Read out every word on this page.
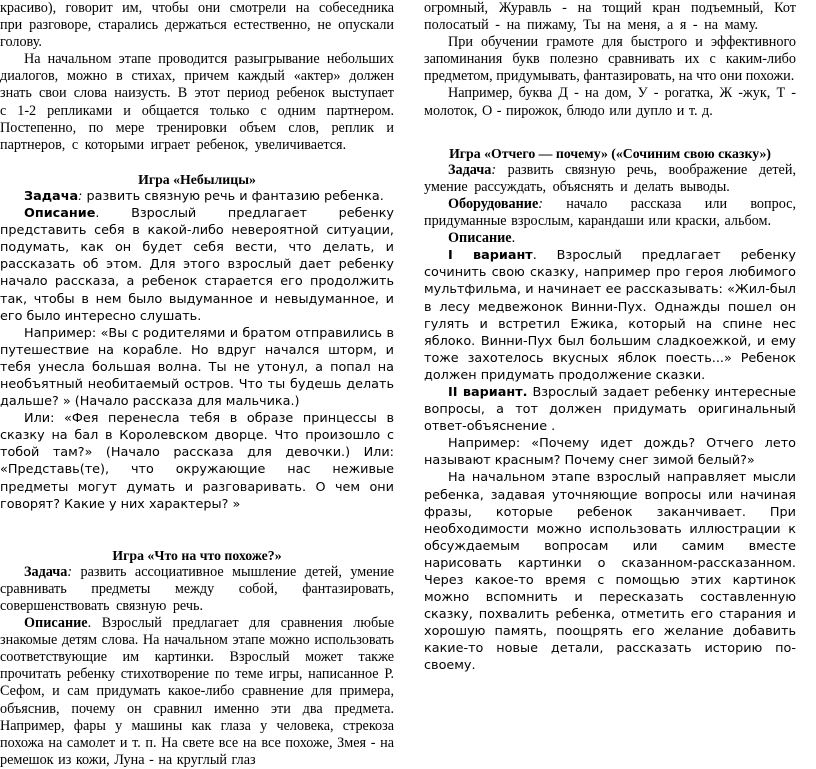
красиво), говорит им, чтобы они смотрели на собеседника при разговоре, старались держаться естественно, не опускали голову.

На начальном этапе проводится разыгрывание небольших диалогов, можно в стихах, причем каждый «актер» должен знать свои слова наизусть. В этот период ребенок выступает с 1-2 репликами и общается только с одним партнером. Постепенно, по мере тренировки объем слов, реплик и партнеров, с которыми играет ребенок, увеличивается.

Игра «Небылицы»

Задача: развить связную речь и фантазию ребенка.

Описание. Взрослый предлагает ребенку представить себя в какой-либо невероятной ситуации, подумать, как он будет себя вести, что делать, и рассказать об этом. Для этого взрослый дает ребенку начало рассказа, а ребенок старается его продолжить так, чтобы в нем было выдуманное и невыдуманное, и его было интересно слушать.

Например: «Вы с родителями и братом отправились в путешествие на корабле. Но вдруг начался шторм, и тебя унесла большая волна. Ты не утонул, а попал на необъятный необитаемый остров. Что ты будешь делать дальше? » (Начало рассказа для мальчика.)

Или: «Фея перенесла тебя в образе принцессы в сказку на бал в Королевском дворце. Что произошло с тобой там?» (Начало рассказа для девочки.) Или: «Представь(те), что окружающие нас неживые предметы могут думать и разговаривать. О чем они говорят? Какие у них характеры? »

Игра «Что на что похоже?»

Задача: развить ассоциативное мышление детей, умение сравнивать предметы между собой, фантазировать, совершенствовать связную речь.

Описание. Взрослый предлагает для сравнения любые знакомые детям слова. На начальном этапе можно использовать соответствующие им картинки. Взрослый может также прочитать ребенку стихотворение по теме игры, написанное Р. Сефом, и сам придумать какое-либо сравнение для примера, объяснив, почему он сравнил именно эти два предмета. Например, фары у машины как глаза у человека, стрекоза похожа на самолет и т. п. На свете все на все похоже, Змея - на ремешок из кожи, Луна - на круглый глаз

огромный, Журавль - на тощий кран подъемный, Кот полосатый - на пижаму, Ты на меня, а я - на маму.

При обучении грамоте для быстрого и эффективного запоминания букв полезно сравнивать их с каким-либо предметом, придумывать, фантазировать, на что они похожи.

Например, буква Д - на дом, У - рогатка, Ж -жук, Т - молоток, О - пирожок, блюдо или дупло и т. д.

Игра «Отчего — почему» («Сочиним свою сказку»)

Задача: развить связную речь, воображение детей, умение рассуждать, объяснять и делать выводы.

Оборудование: начало рассказа или вопрос, придуманные взрослым, карандаши или краски, альбом.

Описание.

I вариант. Взрослый предлагает ребенку сочинить свою сказку, например про героя любимого мультфильма, и начинает ее рассказывать: «Жил-был в лесу медвежонок Винни-Пух. Однажды пошел он гулять и встретил Ежика, который на спине нес яблоко. Винни-Пух был большим сладкоежкой, и ему тоже захотелось вкусных яблок поесть...» Ребенок должен придумать продолжение сказки.

II вариант. Взрослый задает ребенку интересные вопросы, а тот должен придумать оригинальный ответ-объяснение .

Например: «Почему идет дождь? Отчего лето называют красным? Почему снег зимой белый?»

На начальном этапе взрослый направляет мысли ребенка, задавая уточняющие вопросы или начиная фразы, которые ребенок заканчивает. При необходимости можно использовать иллюстрации к обсуждаемым вопросам или самим вместе нарисовать картинки о сказанном-рассказанном. Через какое-то время с помощью этих картинок можно вспомнить и пересказать составленную сказку, похвалить ребенка, отметить его старания и хорошую память, поощрять его желание добавить какие-то новые детали, рассказать историю по-своему.
